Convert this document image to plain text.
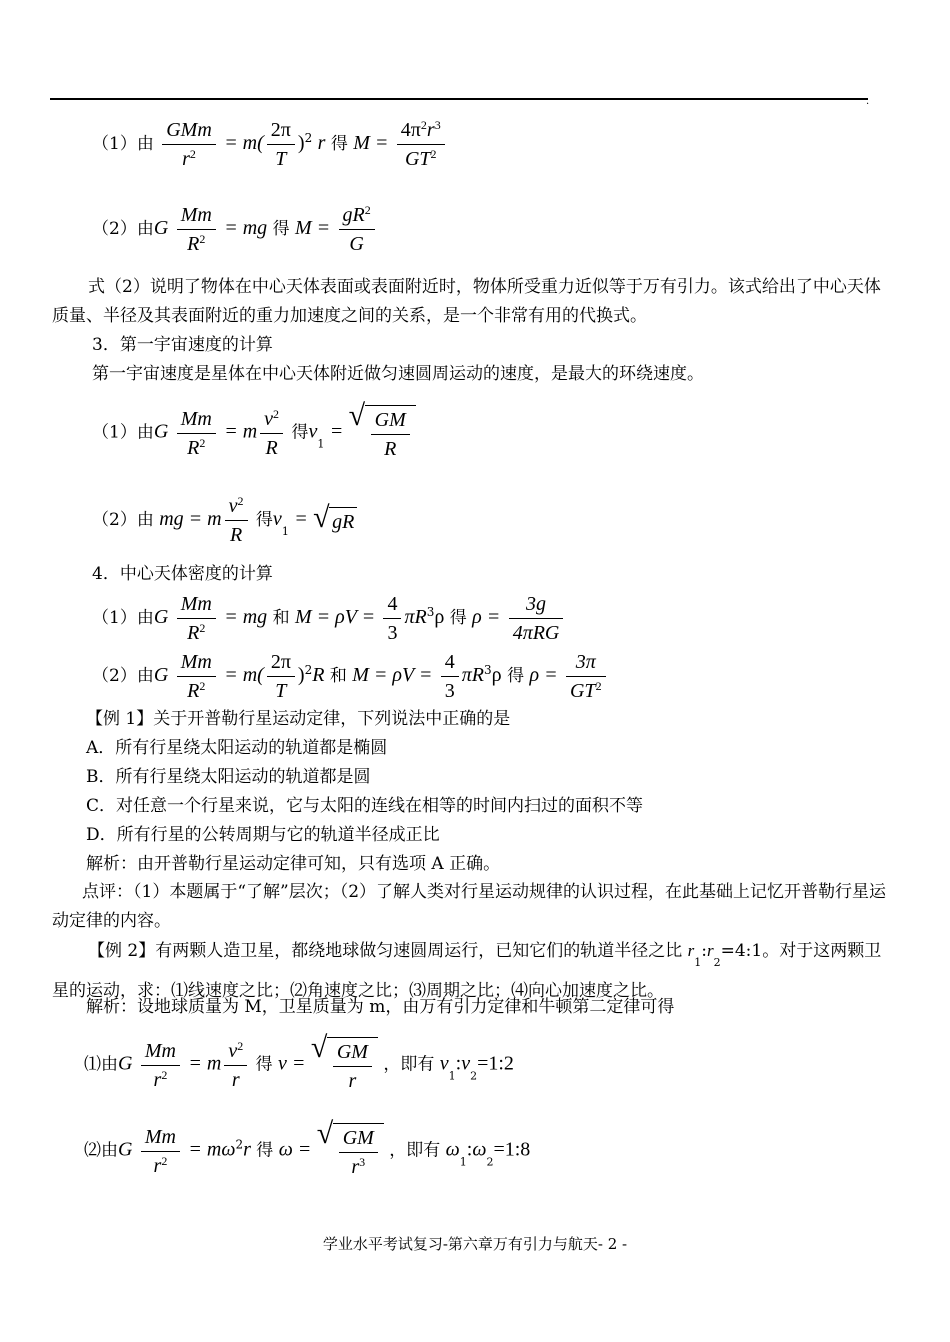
.
（1）由 $\frac{\text{GMm}}{r^2} = m( \frac{2\pi}{T} )^2$ r 得 $M = \frac{4\pi^2r^3}{GT^2}$
（2）由G $\frac{Mm}{R^2}$ = mg 得 $M = \frac{gR^2}{G}$
式（2）说明了物体在中心天体表面或表面附近时，物体所受重力近似等于万有引力。该式给出了中心天体质量、半径及其表面附近的重力加速度之间的关系，是一个非常有用的代换式。
3．第一宇宙速度的计算
第一宇宙速度是星体在中心天体附近做匀速圆周运动的速度，是最大的环绕速度。
（1）由G $\frac{Mm}{R^2} = m \frac{v^2}{R}$ 得$v_1$ = √ $\frac{GM}{R}$
（2）由 mg = m $\frac{v^2}{R}$ 得$v_1$ = √ gR
4．中心天体密度的计算
（1）由G $\frac{Mm}{R^2}$ = mg 和 $M = \rho V = \frac{4}{3} \pi R^3\rho$ 得 $\rho = \frac{3g}{\text{4πRG}}$
（2）由G $\frac{Mm}{R^2} = m( \frac{2\pi}{T} )^2R$ 和 $M = \rho V = \frac{4}{3} \pi R^3\rho$ 得 $\rho = \frac{3\pi}{GT^2}$
【例 1】关于开普勒行星运动定律，下列说法中正确的是
A．所有行星绕太阳运动的轨道都是椭圆
B．所有行星绕太阳运动的轨道都是圆
C．对任意一个行星来说，它与太阳的连线在相等的时间内扫过的面积不等
D．所有行星的公转周期与它的轨道半径成正比
解析：由开普勒行星运动定律可知，只有选项 A 正确。
点评：（1）本题属于“了解”层次；（2）了解人类对行星运动规律的认识过程，在此基础上记忆开普勒行星运动定律的内容。
【例 2】有两颗人造卫星，都绕地球做匀速圆周运行，已知它们的轨道半径之比 $r_1:r_2=4:1$。对于这两颗卫星的运动，求：⑴线速度之比；⑵角速度之比；⑶周期之比；⑷向心加速度之比。
解析：设地球质量为 M，卫星质量为 m，由万有引力定律和牛顿第二定律可得
⑴由G $\frac{Mm}{r^2} = m \frac{v^2}{r}$ 得 v = √ $\frac{GM}{r}$ ，即有 $v_1:v_2=1:2$
⑵由G $\frac{Mm}{r^2} = m\omega^2r$ 得 ω = √ $\frac{GM}{r^3}$ ，即有 $\omega_1:\omega_2=1:8$
学业水平考试复习-第六章万有引力与航天- 2 -
